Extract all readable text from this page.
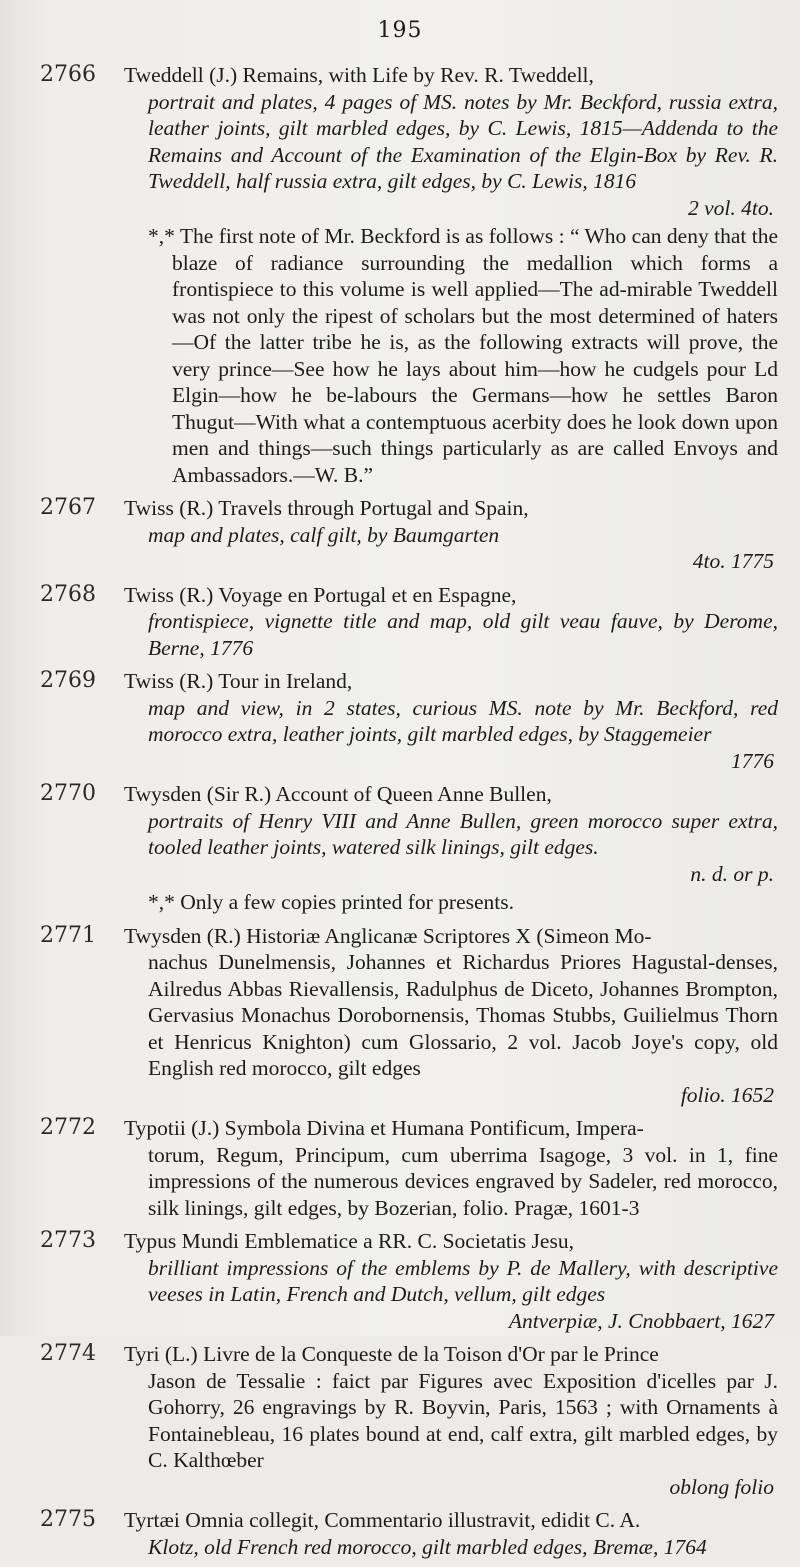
195
2766	Tweddell (J.) Remains, with Life by Rev. R. Tweddell,
portrait and plates, 4 pages of MS. notes by Mr. Beckford, russia extra, leather joints, gilt marbled edges, by C. Lewis, 1815—Addenda to the Remains and Account of the Examination of the Elgin-Box by Rev. R. Tweddell, half russia extra, gilt edges, by C. Lewis, 1816
2 vol. 4to.
*,* The first note of Mr. Beckford is as follows : “ Who can deny that the blaze of radiance surrounding the medallion which forms a frontispiece to this volume is well applied—The ad-mirable Tweddell was not only the ripest of scholars but the most determined of haters—Of the latter tribe he is, as the following extracts will prove, the very prince—See how he lays about him—how he cudgels pour Ld Elgin—how he be-labours the Germans—how he settles Baron Thugut—With what a contemptuous acerbity does he look down upon men and things—such things particularly as are called Envoys and Ambassadors.—W. B.”
2767	Twiss (R.) Travels through Portugal and Spain,
map and plates, calf gilt, by Baumgarten
4to. 1775
2768	Twiss (R.) Voyage en Portugal et en Espagne,
frontispiece, vignette title and map, old gilt veau fauve, by Derome, Berne, 1776
2769	Twiss (R.) Tour in Ireland,
map and view, in 2 states, curious MS. note by Mr. Beckford, red morocco extra, leather joints, gilt marbled edges, by Staggemeier
1776
2770	Twysden (Sir R.) Account of Queen Anne Bullen,
portraits of Henry VIII and Anne Bullen, green morocco super extra, tooled leather joints, watered silk linings, gilt edges.
n. d. or p.
*,* Only a few copies printed for presents.
2771	Twysden (R.) Historiæ Anglicanæ Scriptores X (Simeon Mo-
nachus Dunelmensis, Johannes et Richardus Priores Hagustal-denses, Ailredus Abbas Rievallensis, Radulphus de Diceto, Johannes Brompton, Gervasius Monachus Dorobornensis, Thomas Stubbs, Guilielmus Thorn et Henricus Knighton) cum Glossario, 2 vol. Jacob Joye's copy, old English red morocco, gilt edges
folio. 1652
2772	Typotii (J.) Symbola Divina et Humana Pontificum, Impera-
torum, Regum, Principum, cum uberrima Isagoge, 3 vol. in 1, fine impressions of the numerous devices engraved by Sadeler, red morocco, silk linings, gilt edges, by Bozerian, folio. Pragæ, 1601-3
2773	Typus Mundi Emblematice a RR. C. Societatis Jesu,
brilliant impressions of the emblems by P. de Mallery, with descriptive veeses in Latin, French and Dutch, vellum, gilt edges
Antverpiæ, J. Cnobbaert, 1627
2774	Tyri (L.) Livre de la Conqueste de la Toison d'Or par le Prince
Jason de Tessalie : faict par Figures avec Exposition d'icelles par J. Gohorry, 26 engravings by R. Boyvin, Paris, 1563 ; with Ornaments à Fontainebleau, 16 plates bound at end, calf extra, gilt marbled edges, by C. Kalthœber
oblong folio
2775	Tyrtæi Omnia collegit, Commentario illustravit, edidit C. A.
Klotz, old French red morocco, gilt marbled edges, Bremæ, 1764
